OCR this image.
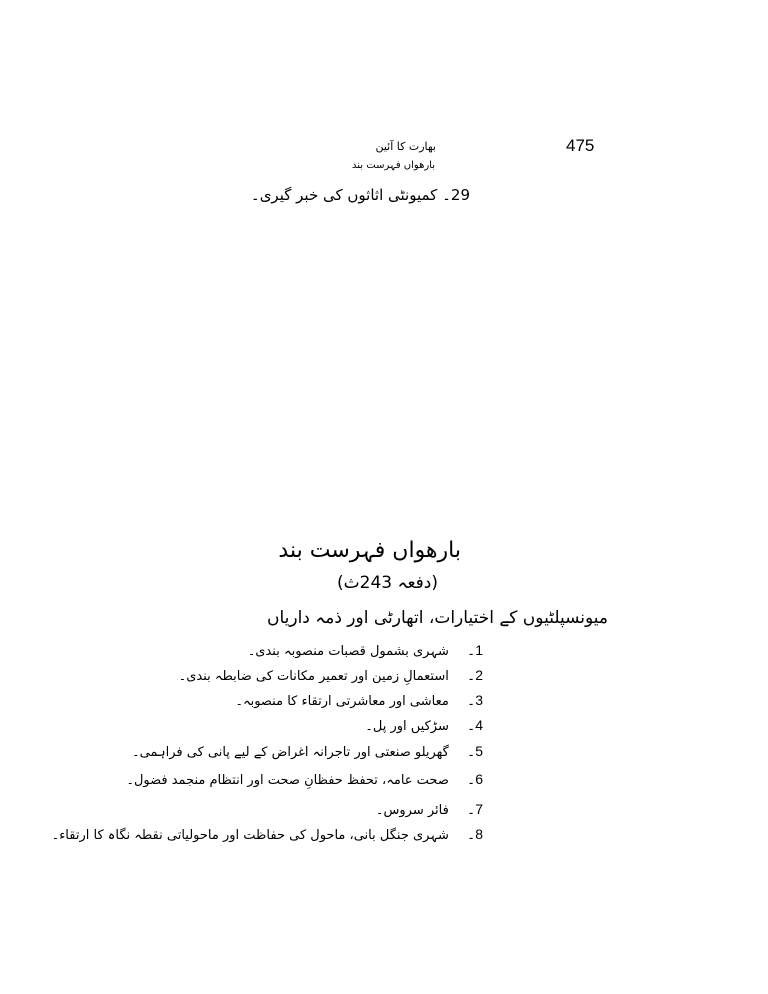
475
بھارت کا آئین
بارھواں فہرست بند
29۔ کمیونٹی اثاثوں کی خبر گیری۔
بارھواں فہرست بند
(دفعہ 243ث)
میونسپلٹیوں کے اختیارات، اتھارٹی اور ذمہ داریاں
1۔ شہری بشمول قصبات منصوبہ بندی۔
2۔ استعمالِ زمین اور تعمیر مکانات کی ضابطہ بندی۔
3۔ معاشی اور معاشرتی ارتقاء کا منصوبہ۔
4۔ سڑکیں اور پل۔
5۔ گھریلو صنعتی اور تاجرانہ اغراض کے لیے پانی کی فراہمی۔
6۔ صحت عامہ، تحفظ حفظانِ صحت اور انتظام منجمد فضول۔
7۔ فائر سروس۔
8۔ شہری جنگل بانی، ماحول کی حفاظت اور ماحولیاتی نقطہ نگاہ کا ارتقاء۔
